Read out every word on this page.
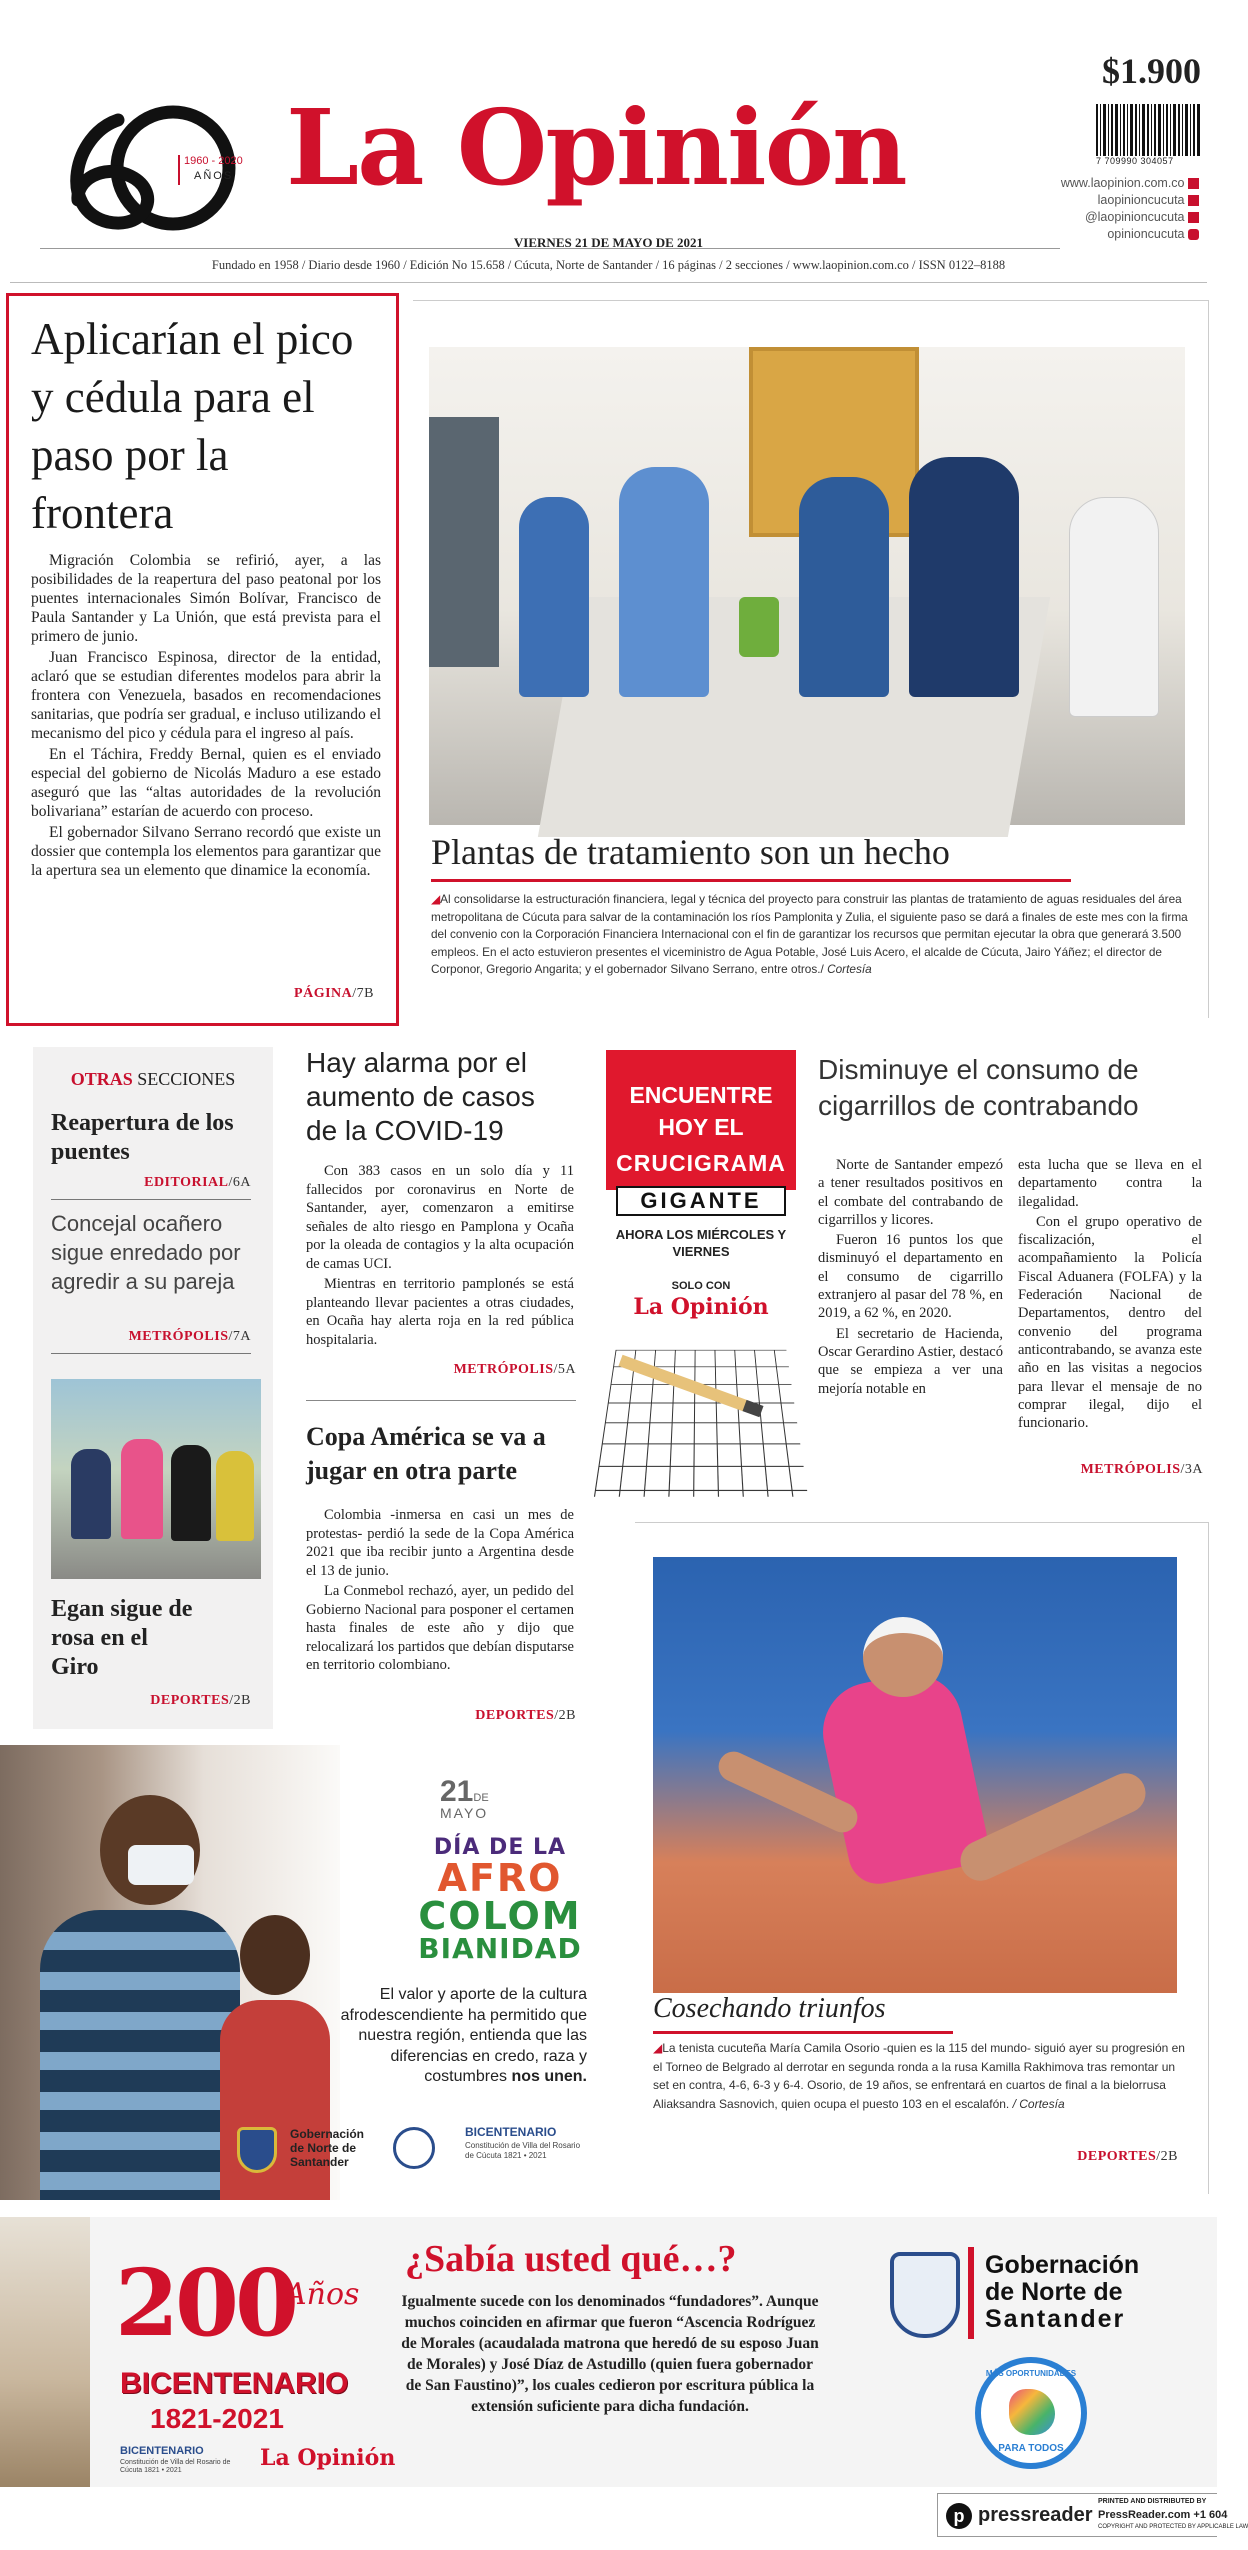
1960 - 2020
AÑOS La Opinión
$1.900
7 709990 304057
www.laopinion.com.co
laopinioncucuta
@laopinioncucuta
opinioncucuta
VIERNES 21 DE MAYO DE 2021
Fundado en 1958 / Diario desde 1960 / Edición No 15.658 / Cúcuta, Norte de Santander / 16 páginas / 2 secciones / www.laopinion.com.co / ISSN 0122–8188
Aplicarían el pico y cédula para el paso por la frontera

Migración Colombia se refirió, ayer, a las posibilidades de la reapertura del paso peatonal por los puentes internacionales Simón Bolívar, Francisco de Paula Santander y La Unión, que está prevista para el primero de junio.

Juan Francisco Espinosa, director de la entidad, aclaró que se estudian diferentes modelos para abrir la frontera con Venezuela, basados en recomendaciones sanitarias, que podría ser gradual, e incluso utilizando el mecanismo del pico y cédula para el ingreso al país.

En el Táchira, Freddy Bernal, quien es el enviado especial del gobierno de Nicolás Maduro a ese estado aseguró que las “altas autoridades de la revolución bolivariana” estarían de acuerdo con proceso.

El gobernador Silvano Serrano recordó que existe un dossier que contempla los elementos para garantizar que la apertura sea un elemento que dinamice la economía.

PÁGINA/7B
Plantas de tratamiento son un hecho
◢Al consolidarse la estructuración financiera, legal y técnica del proyecto para construir las plantas de tratamiento de aguas residuales del área metropolitana de Cúcuta para salvar de la contaminación los ríos Pamplonita y Zulia, el siguiente paso se dará a finales de este mes con la firma del convenio con la Corporación Financiera Internacional con el fin de garantizar los recursos que permitan ejecutar la obra que generará 3.500 empleos. En el acto estuvieron presentes el viceministro de Agua Potable, José Luis Acero, el alcalde de Cúcuta, Jairo Yáñez; el director de Corponor, Gregorio Angarita; y el gobernador Silvano Serrano, entre otros./ Cortesía
OTRAS SECCIONES
Reapertura de los puentes
EDITORIAL/6A
Concejal ocañero sigue enredado por agredir a su pareja
METRÓPOLIS/7A
Egan sigue de rosa en el Giro
DEPORTES/2B
Hay alarma por el aumento de casos de la COVID-19

Con 383 casos en un solo día y 11 fallecidos por coronavirus en Norte de Santander, ayer, comenzaron a emitirse señales de alto riesgo en Pamplona y Ocaña por la oleada de contagios y la alta ocupación de camas UCI.

Mientras en territorio pamplonés se está planteando llevar pacientes a otras ciudades, en Ocaña hay alerta roja en la red pública hospitalaria.

METRÓPOLIS/5A
Copa América se va a jugar en otra parte

Colombia -inmersa en casi un mes de protestas- perdió la sede de la Copa América 2021 que iba recibir junto a Argentina desde el 13 de junio.

La Conmebol rechazó, ayer, un pedido del Gobierno Nacional para posponer el certamen hasta finales de este año y dijo que relocalizará los partidos que debían disputarse en territorio colombiano.

DEPORTES/2B
ENCUENTRE
HOY EL
CRUCIGRAMA
GIGANTE
AHORA LOS MIÉRCOLES Y VIERNES
SOLO CON
La Opinión
Disminuye el consumo de cigarrillos de contrabando

Norte de Santander empezó a tener resultados positivos en el combate del contrabando de cigarrillos y licores.

Fueron 16 puntos los que disminuyó el departamento en el consumo de cigarrillo extranjero al pasar del 78 %, en 2019, a 62 %, en 2020.

El secretario de Hacienda, Oscar Gerardino Astier, destacó que se empieza a ver una mejoría notable en

esta lucha que se lleva en el departamento contra la ilegalidad.

Con el grupo operativo de fiscalización, el acompañamiento la Policía Fiscal Aduanera (FOLFA) y la Federación Nacional de Departamentos, dentro del convenio del programa anticontrabando, se avanza este año en las visitas a negocios para llevar el mensaje de no comprar ilegal, dijo el funcionario.

METRÓPOLIS/3A
Cosechando triunfos
◢La tenista cucuteña María Camila Osorio -quien es la 115 del mundo- siguió ayer su progresión en el Torneo de Belgrado al derrotar en segunda ronda a la rusa Kamilla Rakhimova tras remontar un set en contra, 4-6, 6-3 y 6-4. Osorio, de 19 años, se enfrentará en cuartos de final a la bielorrusa Aliaksandra Sasnovich, quien ocupa el puesto 103 en el escalafón. / Cortesía
DEPORTES/2B
21DE
MAYO
DÍA DE LA
AFRO
COLOM
BIANIDAD
El valor y aporte de la cultura afrodescendiente ha permitido que nuestra región, entienda que las diferencias en credo, raza y costumbres nos unen.
Gobernación de Norte de Santander
BICENTENARIO
Constitución de Villa del Rosario de Cúcuta 1821 • 2021
200
Años
BICENTENARIO
1821-2021
BICENTENARIO
Constitución de Villa del Rosario de Cúcuta 1821 • 2021	La Opinión
¿Sabía usted qué…?
Igualmente sucede con los denominados “fundadores”. Aunque muchos coinciden en afirmar que fueron “Ascencia Rodríguez de Morales (acaudalada matrona que heredó de su esposo Juan de Morales) y José Díaz de Astudillo (quien fuera gobernador de San Faustino)”, los cuales cedieron por escritura pública la extensión suficiente para dicha fundación.
Gobernación
de Norte de
Santander
MÁS OPORTUNIDADES
PARA TODOS
p pressreader
PRINTED AND DISTRIBUTED BY
PressReader.com +1 604
COPYRIGHT AND PROTECTED BY APPLICABLE LAW
